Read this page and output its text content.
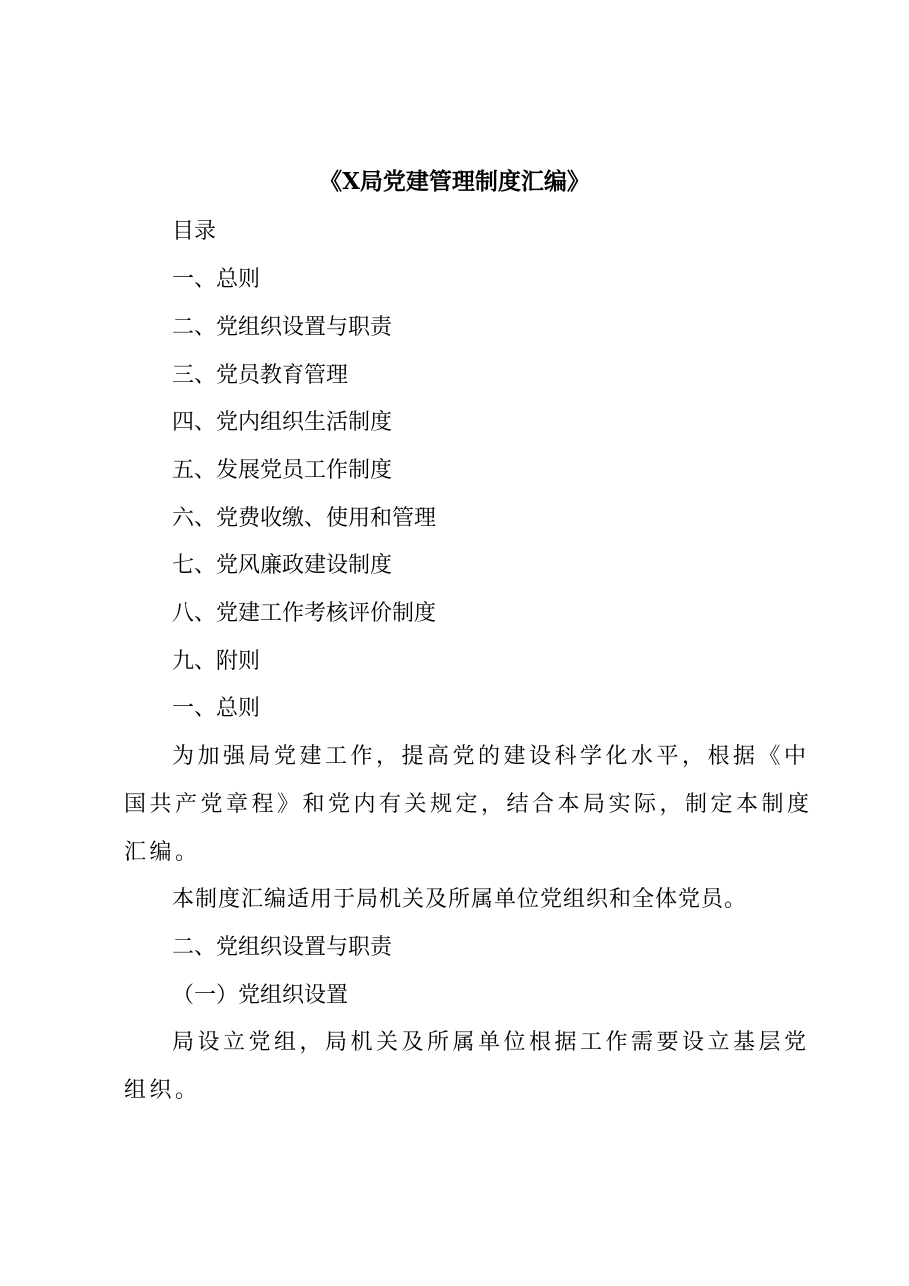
《X局党建管理制度汇编》
目录
一、总则
二、党组织设置与职责
三、党员教育管理
四、党内组织生活制度
五、发展党员工作制度
六、党费收缴、使用和管理
七、党风廉政建设制度
八、党建工作考核评价制度
九、附则
一、总则
为加强局党建工作，提高党的建设科学化水平，根据《中
国共产党章程》和党内有关规定，结合本局实际，制定本制度
汇编。
本制度汇编适用于局机关及所属单位党组织和全体党员。
二、党组织设置与职责
（一）党组织设置
局设立党组，局机关及所属单位根据工作需要设立基层党
组织。
